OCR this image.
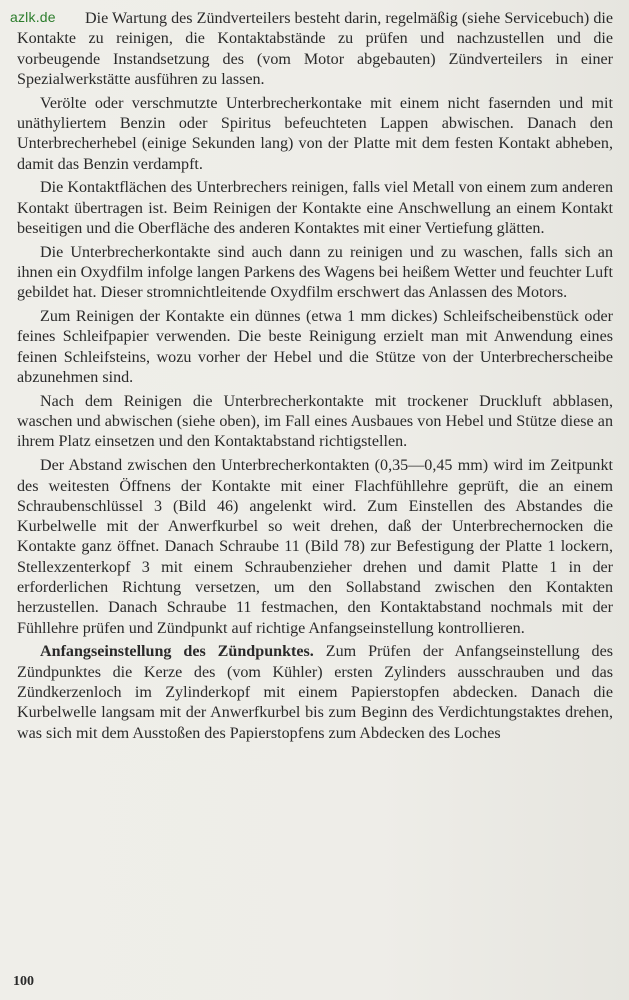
azlk.de	Die Wartung des Zündverteilers besteht darin, regelmäßig (siehe Servicebuch) die Kontakte zu reinigen, die Kontaktabstände zu prüfen und nachzustellen und die vorbeugende Instandsetzung des (vom Motor abgebauten) Zündverteilers in einer Spezialwerkstätte ausführen zu lassen.

Verölte oder verschmutzte Unterbrecherkontake mit einem nicht fasernden und mit unäthyliertem Benzin oder Spiritus befeuchteten Lappen abwischen. Danach den Unterbrecherhebel (einige Sekunden lang) von der Platte mit dem festen Kontakt abheben, damit das Benzin verdampft.

Die Kontaktflächen des Unterbrechers reinigen, falls viel Metall von einem zum anderen Kontakt übertragen ist. Beim Reinigen der Kontakte eine Anschwellung an einem Kontakt beseitigen und die Oberfläche des anderen Kontaktes mit einer Vertiefung glätten.

Die Unterbrecherkontakte sind auch dann zu reinigen und zu waschen, falls sich an ihnen ein Oxydfilm infolge langen Parkens des Wagens bei heißem Wetter und feuchter Luft gebildet hat. Dieser stromnichtleitende Oxydfilm erschwert das Anlassen des Motors.

Zum Reinigen der Kontakte ein dünnes (etwa 1 mm dickes) Schleifscheibenstück oder feines Schleifpapier verwenden. Die beste Reinigung erzielt man mit Anwendung eines feinen Schleifsteins, wozu vorher der Hebel und die Stütze von der Unterbrecherscheibe abzunehmen sind.

Nach dem Reinigen die Unterbrecherkontakte mit trockener Druckluft abblasen, waschen und abwischen (siehe oben), im Fall eines Ausbaues von Hebel und Stütze diese an ihrem Platz einsetzen und den Kontaktabstand richtigstellen.

Der Abstand zwischen den Unterbrecherkontakten (0,35—0,45 mm) wird im Zeitpunkt des weitesten Öffnens der Kontakte mit einer Flachfühllehre geprüft, die an einem Schraubenschlüssel 3 (Bild 46) angelenkt wird. Zum Einstellen des Abstandes die Kurbelwelle mit der Anwerfkurbel so weit drehen, daß der Unterbrechernocken die Kontakte ganz öffnet. Danach Schraube 11 (Bild 78) zur Befestigung der Platte 1 lockern, Stellexzenterkopf 3 mit einem Schraubenzieher drehen und damit Platte 1 in der erforderlichen Richtung versetzen, um den Sollabstand zwischen den Kontakten herzustellen. Danach Schraube 11 festmachen, den Kontaktabstand nochmals mit der Fühllehre prüfen und Zündpunkt auf richtige Anfangseinstellung kontrollieren.

Anfangseinstellung des Zündpunktes. Zum Prüfen der Anfangseinstellung des Zündpunktes die Kerze des (vom Kühler) ersten Zylinders ausschrauben und das Zündkerzenloch im Zylinderkopf mit einem Papierstopfen abdecken. Danach die Kurbelwelle langsam mit der Anwerfkurbel bis zum Beginn des Verdichtungstaktes drehen, was sich mit dem Ausstoßen des Papierstopfens zum Abdecken des Loches

100
